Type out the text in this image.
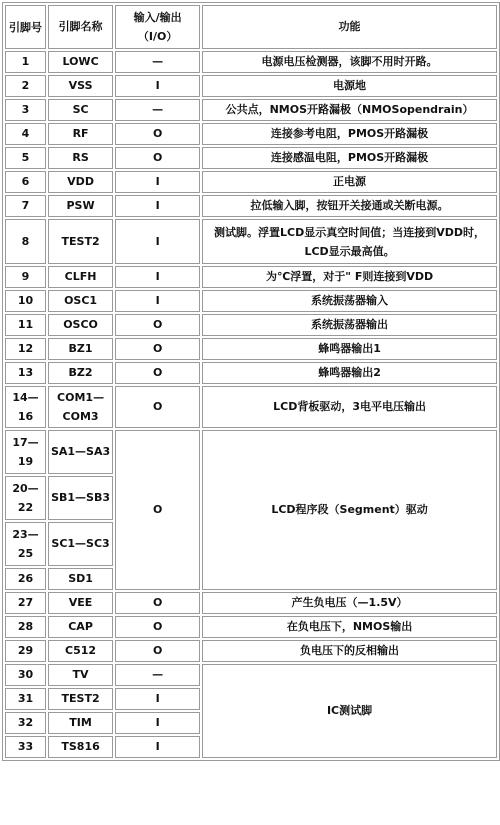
引脚号	引脚名称	输入/输出（I/O）	功能
1	LOWC	—	电源电压检测器，该脚不用时开路。
2	VSS	I	电源地
3	SC	—	公共点，NMOS开路漏极（NMOSopendrain）
4	RF	O	连接参考电阻，PMOS开路漏极
5	RS	O	连接感温电阻，PMOS开路漏极
6	VDD	I	正电源
7	PSW	I	拉低输入脚，按钮开关接通或关断电源。
8	TEST2	I	测试脚。浮置LCD显示真空时间值；当连接到VDD时，LCD显示最高值。
9	CLFH	I	为℃浮置，对于" F则连接到VDD
10	OSC1	I	系统振荡器输入
11	OSCO	O	系统振荡器输出
12	BZ1	O	蜂鸣器输出1
13	BZ2	O	蜂鸣器输出2
14—16	COM1—COM3	O	LCD背板驱动，3电平电压输出
17—19	SA1—SA3	O	LCD程序段（Segment）驱动
20—22	SB1—SB3		
23—25	SC1—SC3		
26	SD1		
27	VEE	O	产生负电压（—1.5V）
28	CAP	O	在负电压下，NMOS输出
29	C512	O	负电压下的反相输出
30	TV	—	IC测试脚
31	TEST2	I	
32	TIM	I	
33	TS816	I	
